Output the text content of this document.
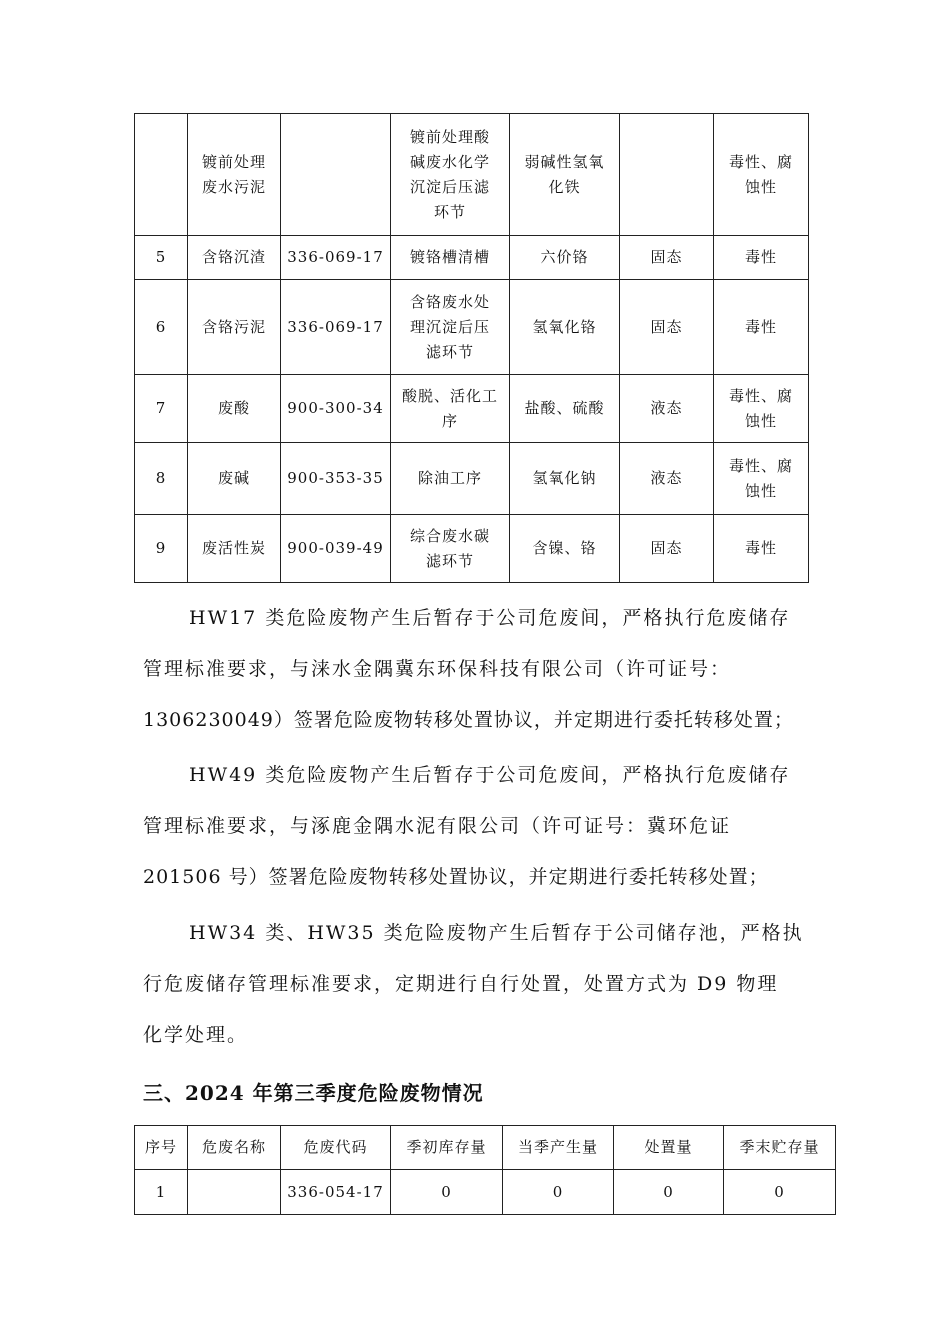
	镀前处理
废水污泥		镀前处理酸
碱废水化学
沉淀后压滤
环节	弱碱性氢氧
化铁		毒性、腐
蚀性
5	含铬沉渣	336-069-17	镀铬槽清槽	六价铬	固态	毒性
6	含铬污泥	336-069-17	含铬废水处
理沉淀后压
滤环节	氢氧化铬	固态	毒性
7	废酸	900-300-34	酸脱、活化工
序	盐酸、硫酸	液态	毒性、腐
蚀性
8	废碱	900-353-35	除油工序	氢氧化钠	液态	毒性、腐
蚀性
9	废活性炭	900-039-49	综合废水碳
滤环节	含镍、铬	固态	毒性
HW17 类危险废物产生后暂存于公司危废间，严格执行危废储存
管理标准要求，与涞水金隅冀东环保科技有限公司（许可证号：
1306230049）签署危险废物转移处置协议，并定期进行委托转移处置；
HW49 类危险废物产生后暂存于公司危废间，严格执行危废储存
管理标准要求，与涿鹿金隅水泥有限公司（许可证号：冀环危证
201506 号）签署危险废物转移处置协议，并定期进行委托转移处置；
HW34 类、HW35 类危险废物产生后暂存于公司储存池，严格执
行危废储存管理标准要求，定期进行自行处置，处置方式为 D9 物理
化学处理。
三、2024 年第三季度危险废物情况
序号	危废名称	危废代码	季初库存量	当季产生量	处置量	季末贮存量
1		336-054-17	0	0	0	0
